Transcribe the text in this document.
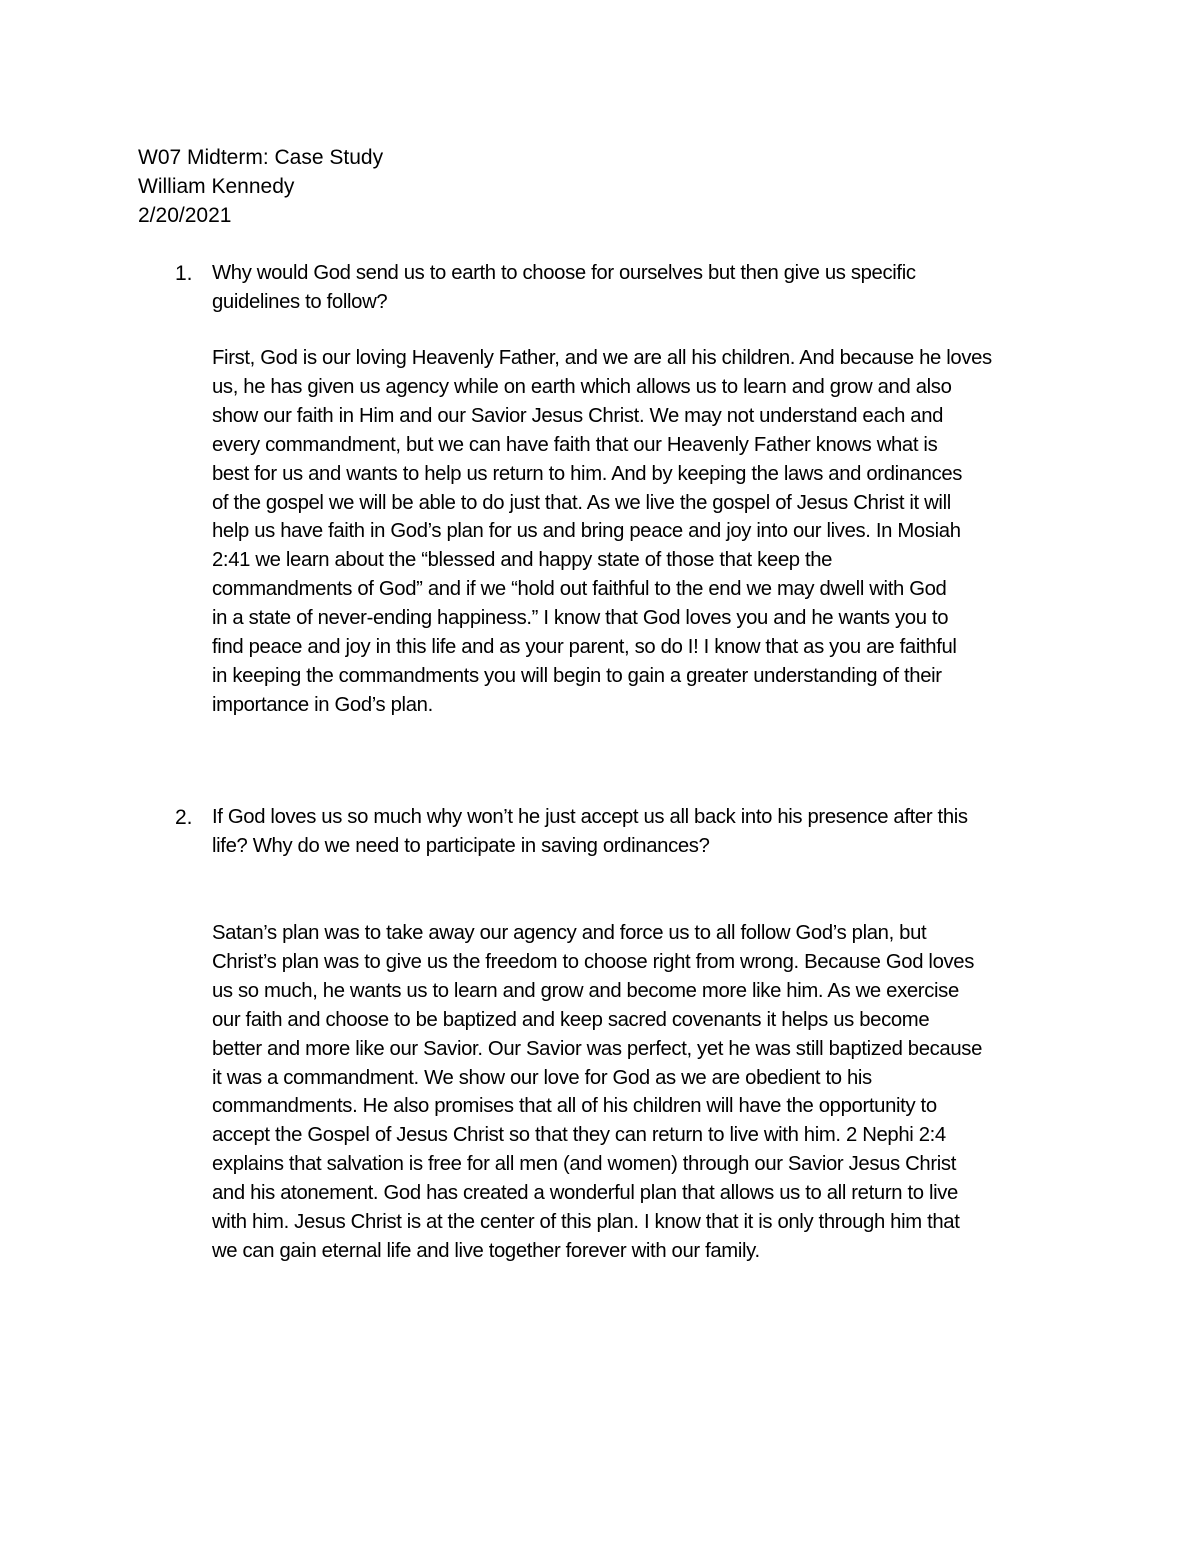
W07 Midterm: Case Study
William Kennedy
2/20/2021
1. Why would God send us to earth to choose for ourselves but then give us specific
guidelines to follow?
First, God is our loving Heavenly Father, and we are all his children. And because he loves
us, he has given us agency while on earth which allows us to learn and grow and also
show our faith in Him and our Savior Jesus Christ. We may not understand each and
every commandment, but we can have faith that our Heavenly Father knows what is
best for us and wants to help us return to him. And by keeping the laws and ordinances
of the gospel we will be able to do just that. As we live the gospel of Jesus Christ it will
help us have faith in God’s plan for us and bring peace and joy into our lives. In Mosiah
2:41 we learn about the “blessed and happy state of those that keep the
commandments of God” and if we “hold out faithful to the end we may dwell with God
in a state of never-ending happiness.” I know that God loves you and he wants you to
find peace and joy in this life and as your parent, so do I! I know that as you are faithful
in keeping the commandments you will begin to gain a greater understanding of their
importance in God’s plan.
2. If God loves us so much why won’t he just accept us all back into his presence after this
life? Why do we need to participate in saving ordinances?
Satan’s plan was to take away our agency and force us to all follow God’s plan, but
Christ’s plan was to give us the freedom to choose right from wrong. Because God loves
us so much, he wants us to learn and grow and become more like him. As we exercise
our faith and choose to be baptized and keep sacred covenants it helps us become
better and more like our Savior. Our Savior was perfect, yet he was still baptized because
it was a commandment. We show our love for God as we are obedient to his
commandments. He also promises that all of his children will have the opportunity to
accept the Gospel of Jesus Christ so that they can return to live with him. 2 Nephi 2:4
explains that salvation is free for all men (and women) through our Savior Jesus Christ
and his atonement. God has created a wonderful plan that allows us to all return to live
with him. Jesus Christ is at the center of this plan. I know that it is only through him that
we can gain eternal life and live together forever with our family.
